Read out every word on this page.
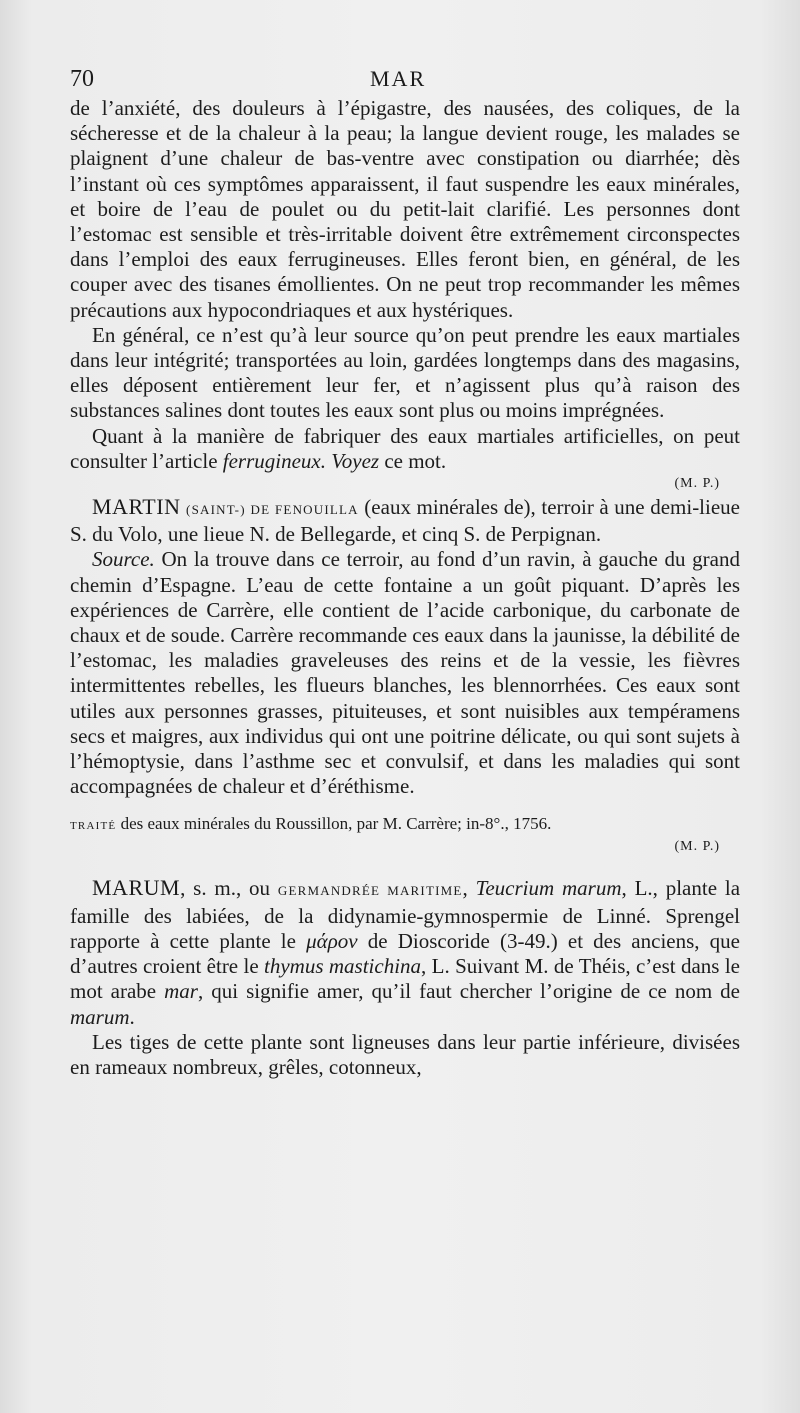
70	MAR

de l’anxiété, des douleurs à l’épigastre, des nausées, des coliques, de la sécheresse et de la chaleur à la peau; la langue devient rouge, les malades se plaignent d’une chaleur de bas-ventre avec constipation ou diarrhée; dès l’instant où ces symptômes apparaissent, il faut suspendre les eaux minérales, et boire de l’eau de poulet ou du petit-lait clarifié. Les personnes dont l’estomac est sensible et très-irritable doivent être extrêmement circonspectes dans l’emploi des eaux ferrugineuses. Elles feront bien, en général, de les couper avec des tisanes émollientes. On ne peut trop recommander les mêmes précautions aux hypocondriaques et aux hystériques.

En général, ce n’est qu’à leur source qu’on peut prendre les eaux martiales dans leur intégrité; transportées au loin, gardées longtemps dans des magasins, elles déposent entièrement leur fer, et n’agissent plus qu’à raison des substances salines dont toutes les eaux sont plus ou moins imprégnées.

Quant à la manière de fabriquer des eaux martiales artificielles, on peut consulter l’article ferrugineux. Voyez ce mot.

(M. P.)

MARTIN (SAINT-) DE FENOUILLA (eaux minérales de), terroir à une demi-lieue S. du Volo, une lieue N. de Bellegarde, et cinq S. de Perpignan.

Source. On la trouve dans ce terroir, au fond d’un ravin, à gauche du grand chemin d’Espagne. L’eau de cette fontaine a un goût piquant. D’après les expériences de Carrère, elle contient de l’acide carbonique, du carbonate de chaux et de soude. Carrère recommande ces eaux dans la jaunisse, la débilité de l’estomac, les maladies graveleuses des reins et de la vessie, les fièvres intermittentes rebelles, les flueurs blanches, les blennorrhées. Ces eaux sont utiles aux personnes grasses, pituiteuses, et sont nuisibles aux tempéramens secs et maigres, aux individus qui ont une poitrine délicate, ou qui sont sujets à l’hémoptysie, dans l’asthme sec et convulsif, et dans les maladies qui sont accompagnées de chaleur et d’éréthisme.

TRAITÉ des eaux minérales du Roussillon, par M. Carrère; in-8°., 1756.

(M. P.)

MARUM, s. m., ou GERMANDRÉE MARITIME, Teucrium marum, L., plante la famille des labiées, de la didynamie-gymnospermie de Linné. Sprengel rapporte à cette plante le μάρον de Dioscoride (3-49.) et des anciens, que d’autres croient être le thymus mastichina, L. Suivant M. de Théis, c’est dans le mot arabe mar, qui signifie amer, qu’il faut chercher l’origine de ce nom de marum.

Les tiges de cette plante sont ligneuses dans leur partie inférieure, divisées en rameaux nombreux, grêles, cotonneux,
